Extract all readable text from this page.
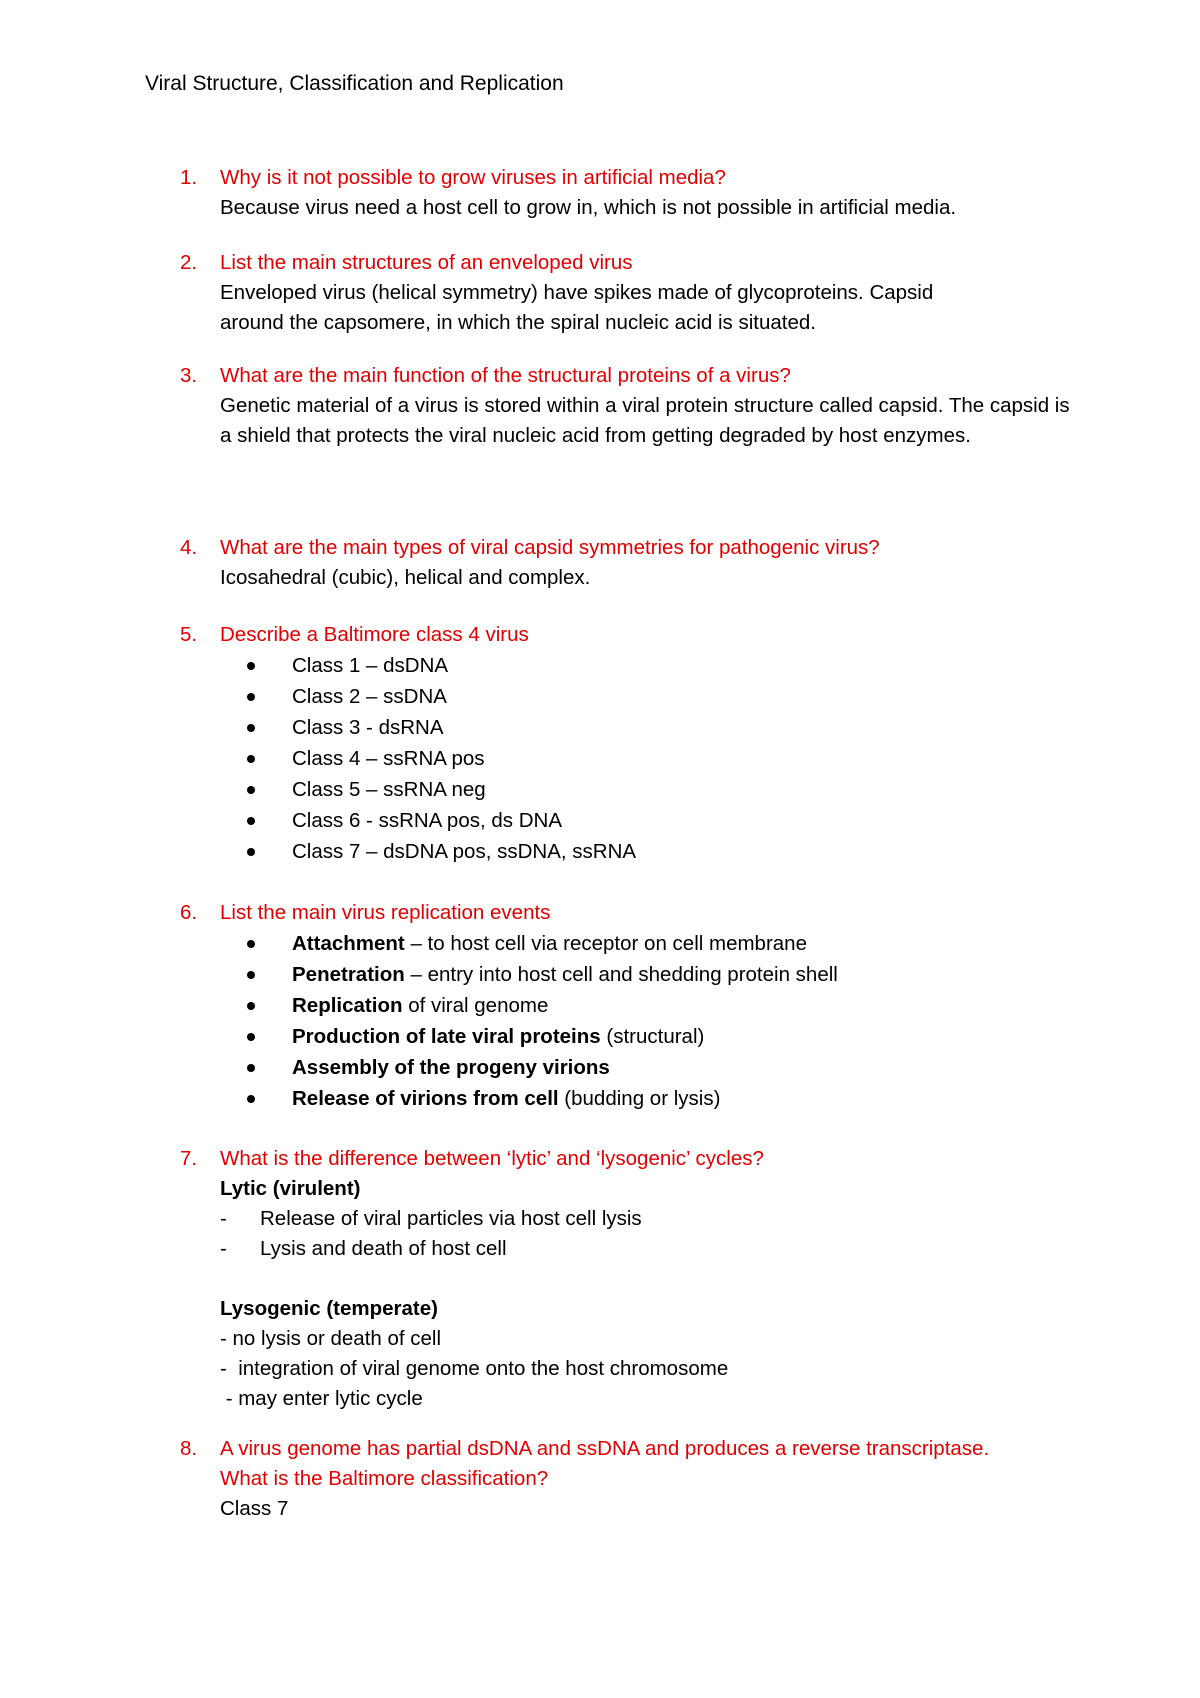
Viral Structure, Classification and Replication
1. Why is it not possible to grow viruses in artificial media?
Because virus need a host cell to grow in, which is not possible in artificial media.
2. List the main structures of an enveloped virus
Enveloped virus (helical symmetry) have spikes made of glycoproteins. Capsid around the capsomere, in which the spiral nucleic acid is situated.
3. What are the main function of the structural proteins of a virus?
Genetic material of a virus is stored within a viral protein structure called capsid. The capsid is a shield that protects the viral nucleic acid from getting degraded by host enzymes.
4. What are the main types of viral capsid symmetries for pathogenic virus?
Icosahedral (cubic), helical and complex.
5. Describe a Baltimore class 4 virus
Class 1 – dsDNA
Class 2 – ssDNA
Class 3 - dsRNA
Class 4 – ssRNA pos
Class 5 – ssRNA neg
Class 6 - ssRNA pos, ds DNA
Class 7 – dsDNA pos, ssDNA, ssRNA
6. List the main virus replication events
Attachment – to host cell via receptor on cell membrane
Penetration – entry into host cell and shedding protein shell
Replication of viral genome
Production of late viral proteins (structural)
Assembly of the progeny virions
Release of virions from cell (budding or lysis)
7. What is the difference between ‘lytic’ and ‘lysogenic’ cycles?
Lytic (virulent)
- Release of viral particles via host cell lysis
- Lysis and death of host cell
Lysogenic (temperate)
- no lysis or death of cell
-  integration of viral genome onto the host chromosome
- may enter lytic cycle
8. A virus genome has partial dsDNA and ssDNA and produces a reverse transcriptase. What is the Baltimore classification?
Class 7
